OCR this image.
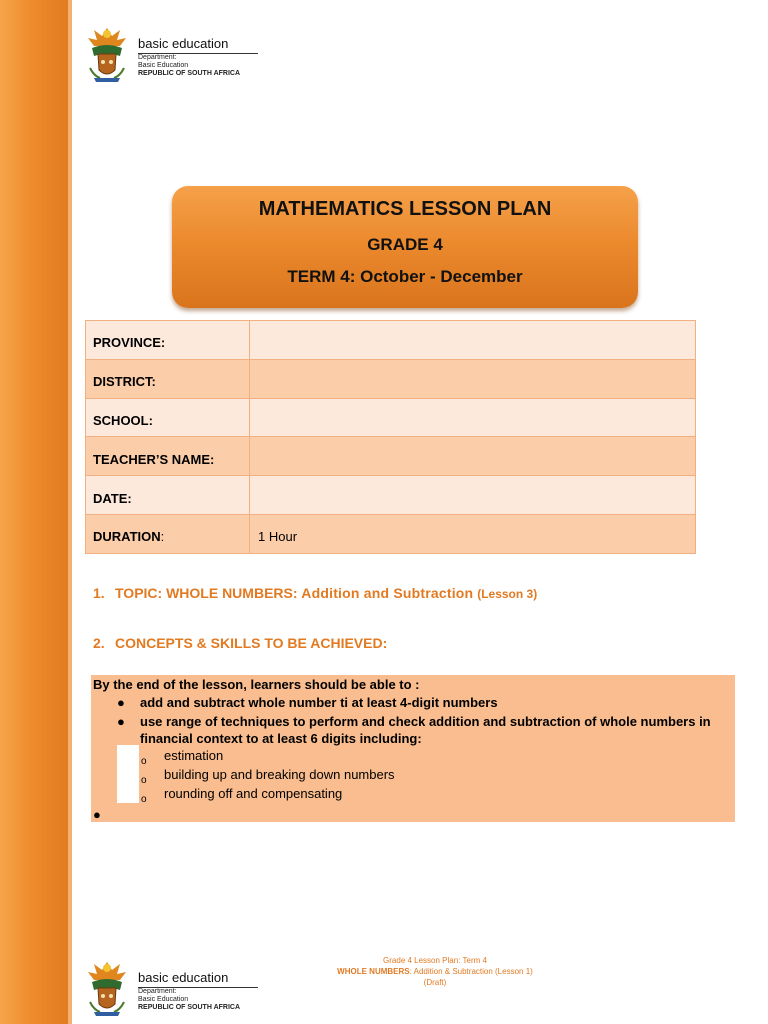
basic education
Department:
Basic Education
REPUBLIC OF SOUTH AFRICA
MATHEMATICS LESSON PLAN
GRADE 4
TERM 4: October - December
PROVINCE:	
DISTRICT:	
SCHOOL:	
TEACHER’S NAME:	
DATE:	
DURATION:	1 Hour
1. TOPIC: WHOLE NUMBERS: Addition and Subtraction (Lesson 3)
2. CONCEPTS & SKILLS TO BE ACHIEVED:
By the end of the lesson, learners should be able to :
● add and subtract whole number ti at least 4-digit numbers
● use range of techniques to perform and check addition and subtraction of whole numbers in financial context to at least 6 digits including:
o estimation
o building up and breaking down numbers
o rounding off and compensating
●
basic education
Department:
Basic Education
REPUBLIC OF SOUTH AFRICA
Grade 4 Lesson Plan: Term 4
WHOLE NUMBERS: Addition & Subtraction (Lesson 1)
(Draft)
